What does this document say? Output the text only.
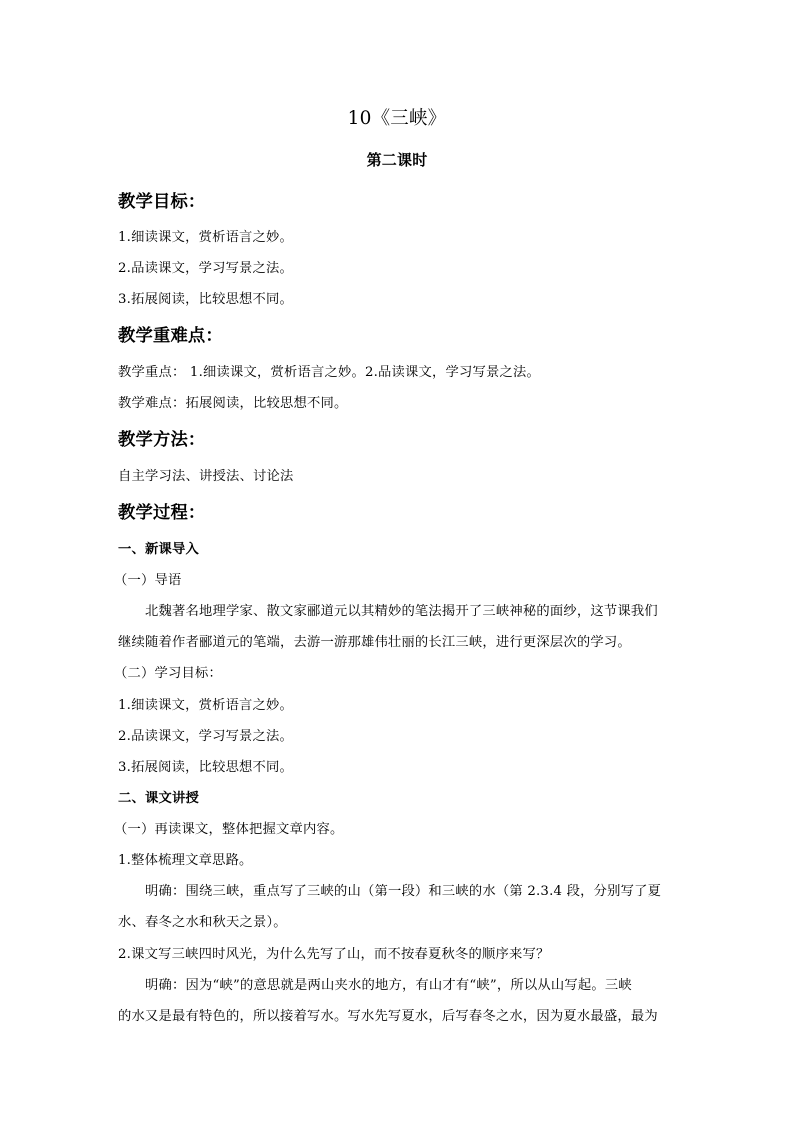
10《三峡》
第二课时
教学目标：
1.细读课文，赏析语言之妙。
2.品读课文，学习写景之法。
3.拓展阅读，比较思想不同。
教学重难点：
教学重点： 1.细读课文，赏析语言之妙。2.品读课文，学习写景之法。
教学难点：拓展阅读，比较思想不同。
教学方法：
自主学习法、讲授法、讨论法
教学过程：
一、新课导入
（一）导语
北魏著名地理学家、散文家郦道元以其精妙的笔法揭开了三峡神秘的面纱，这节课我们
继续随着作者郦道元的笔端，去游一游那雄伟壮丽的长江三峡，进行更深层次的学习。
（二）学习目标：
1.细读课文，赏析语言之妙。
2.品读课文，学习写景之法。
3.拓展阅读，比较思想不同。
二、课文讲授
（一）再读课文，整体把握文章内容。
1.整体梳理文章思路。
明确：围绕三峡，重点写了三峡的山（第一段）和三峡的水（第 2.3.4 段，分别写了夏
水、春冬之水和秋天之景）。
2.课文写三峡四时风光，为什么先写了山，而不按春夏秋冬的顺序来写？
明确：因为“峡”的意思就是两山夹水的地方，有山才有“峡”，所以从山写起。三峡
的水又是最有特色的，所以接着写水。写水先写夏水，后写春冬之水，因为夏水最盛，最为
